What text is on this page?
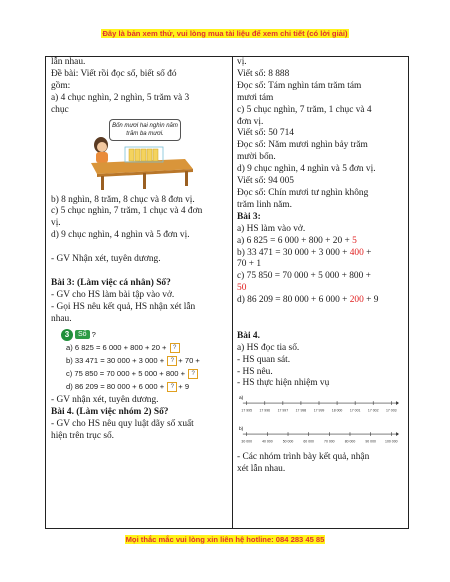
Đây là bản xem thử, vui lòng mua tài liệu để xem chi tiết (có lời giải)
lẫn nhau.
Đề bài: Viết rồi đọc số, biết số đó
gồm:
a) 4 chục nghìn, 2 nghìn, 5 trăm và 3
chục
Bốn mươi hai nghìn năm trăm ba mươi.
b) 8 nghìn, 8 trăm, 8 chục và 8 đơn vị.
c) 5 chục nghìn, 7 trăm, 1 chục và 4 đơn
vị.
d) 9 chục nghìn, 4 nghìn và 5 đơn vị.
- GV Nhận xét, tuyên dương.
Bài 3: (Làm việc cá nhân) Số?
- GV cho HS làm bài tập vào vở.
- Gọi HS nêu kết quả, HS nhận xét lẫn
nhau.
3	Số ?
a) 6 825 = 6 000 + 800 + 20 + ?
b) 33 471 = 30 000 + 3 000 + ? + 70 +
c) 75 850 = 70 000 + 5 000 + 800 + ?
d) 86 209 = 80 000 + 6 000 + ? + 9
- GV nhận xét, tuyên dương.
Bài 4. (Làm việc nhóm 2) Số?
- GV cho HS nêu quy luật dãy số xuất
hiện trên trục số.
vị.
Viết số: 8 888
Đọc số: Tám nghìn tám trăm tám
mươi tám
c) 5 chục nghìn, 7 trăm, 1 chục và 4
đơn vị.
Viết số: 50 714
Đọc số: Năm mươi nghìn bảy trăm
mười bốn.
d) 9 chục nghìn, 4 nghìn và 5 đơn vị.
Viết số: 94 005
Đọc số: Chín mươi tư nghìn không
trăm linh năm.
Bài 3:
a) HS làm vào vở.
a) 6 825 = 6 000 + 800 + 20 + 5
b) 33 471 = 30 000 + 3 000 + 400 +
70 + 1
c) 75 850 = 70 000 + 5 000 + 800 +
50
d) 86 209 = 80 000 + 6 000 + 200 + 9
Bài 4.
a) HS đọc tia số.
- HS quan sát.
- HS nêu.
- HS thực hiện nhiệm vụ
a)
17 995 17 996 17 997 17 998 17 999 18 000 17 001 17 002 17 003

b)
30 000	40 000	50 000	60 000	70 000	80 000	90 000	100 000
- Các nhóm trình bày kết quả, nhận
xét lẫn nhau.
Mọi thắc mắc vui lòng xin liên hệ hotline: 084 283 45 85
